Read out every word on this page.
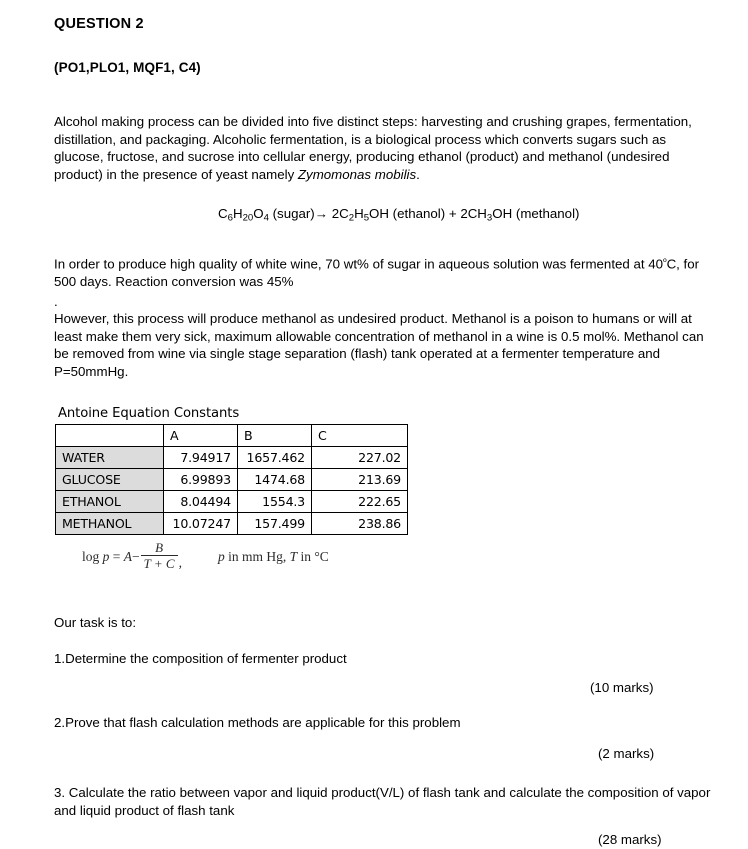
QUESTION 2

(PO1,PLO1, MQF1, C4)

Alcohol making process can be divided into five distinct steps: harvesting and crushing grapes, fermentation, distillation, and packaging. Alcoholic fermentation, is a biological process which converts sugars such as glucose, fructose, and sucrose into cellular energy, producing ethanol (product) and methanol (undesired product) in the presence of yeast namely Zymomonas mobilis.

$C_6H_{20}O_4$ (sugar)→ $2C_2H_5OH$ (ethanol) + $2CH_3OH$ (methanol)

In order to produce high quality of white wine, 70 wt% of sugar in aqueous solution was fermented at $40^ºC$, for 500 days. Reaction conversion was 45%

.

However, this process will produce methanol as undesired product. Methanol is a poison to humans or will at least make them very sick, maximum allowable concentration of methanol in a wine is 0.5 mol%. Methanol can be removed from wine via single stage separation (flash) tank operated at a fermenter temperature and P=50mmHg.

Antoine Equation Constants
	A	B	C
WATER	7.94917	1657.462	227.02
GLUCOSE	6.99893	1474.68	213.69
ETHANOL	8.04494	1554.3	222.65
METHANOL	10.07247	157.499	238.86
$\log p = A- \frac{B}{T + C}$ ,	p in mm Hg, T in °C

Our task is to:

1.Determine the composition of fermenter product

(10 marks)

2.Prove that flash calculation methods are applicable for this problem

(2 marks)

3. Calculate the ratio between vapor and liquid product(V/L) of flash tank and calculate the composition of vapor and liquid product of flash tank

(28 marks)
